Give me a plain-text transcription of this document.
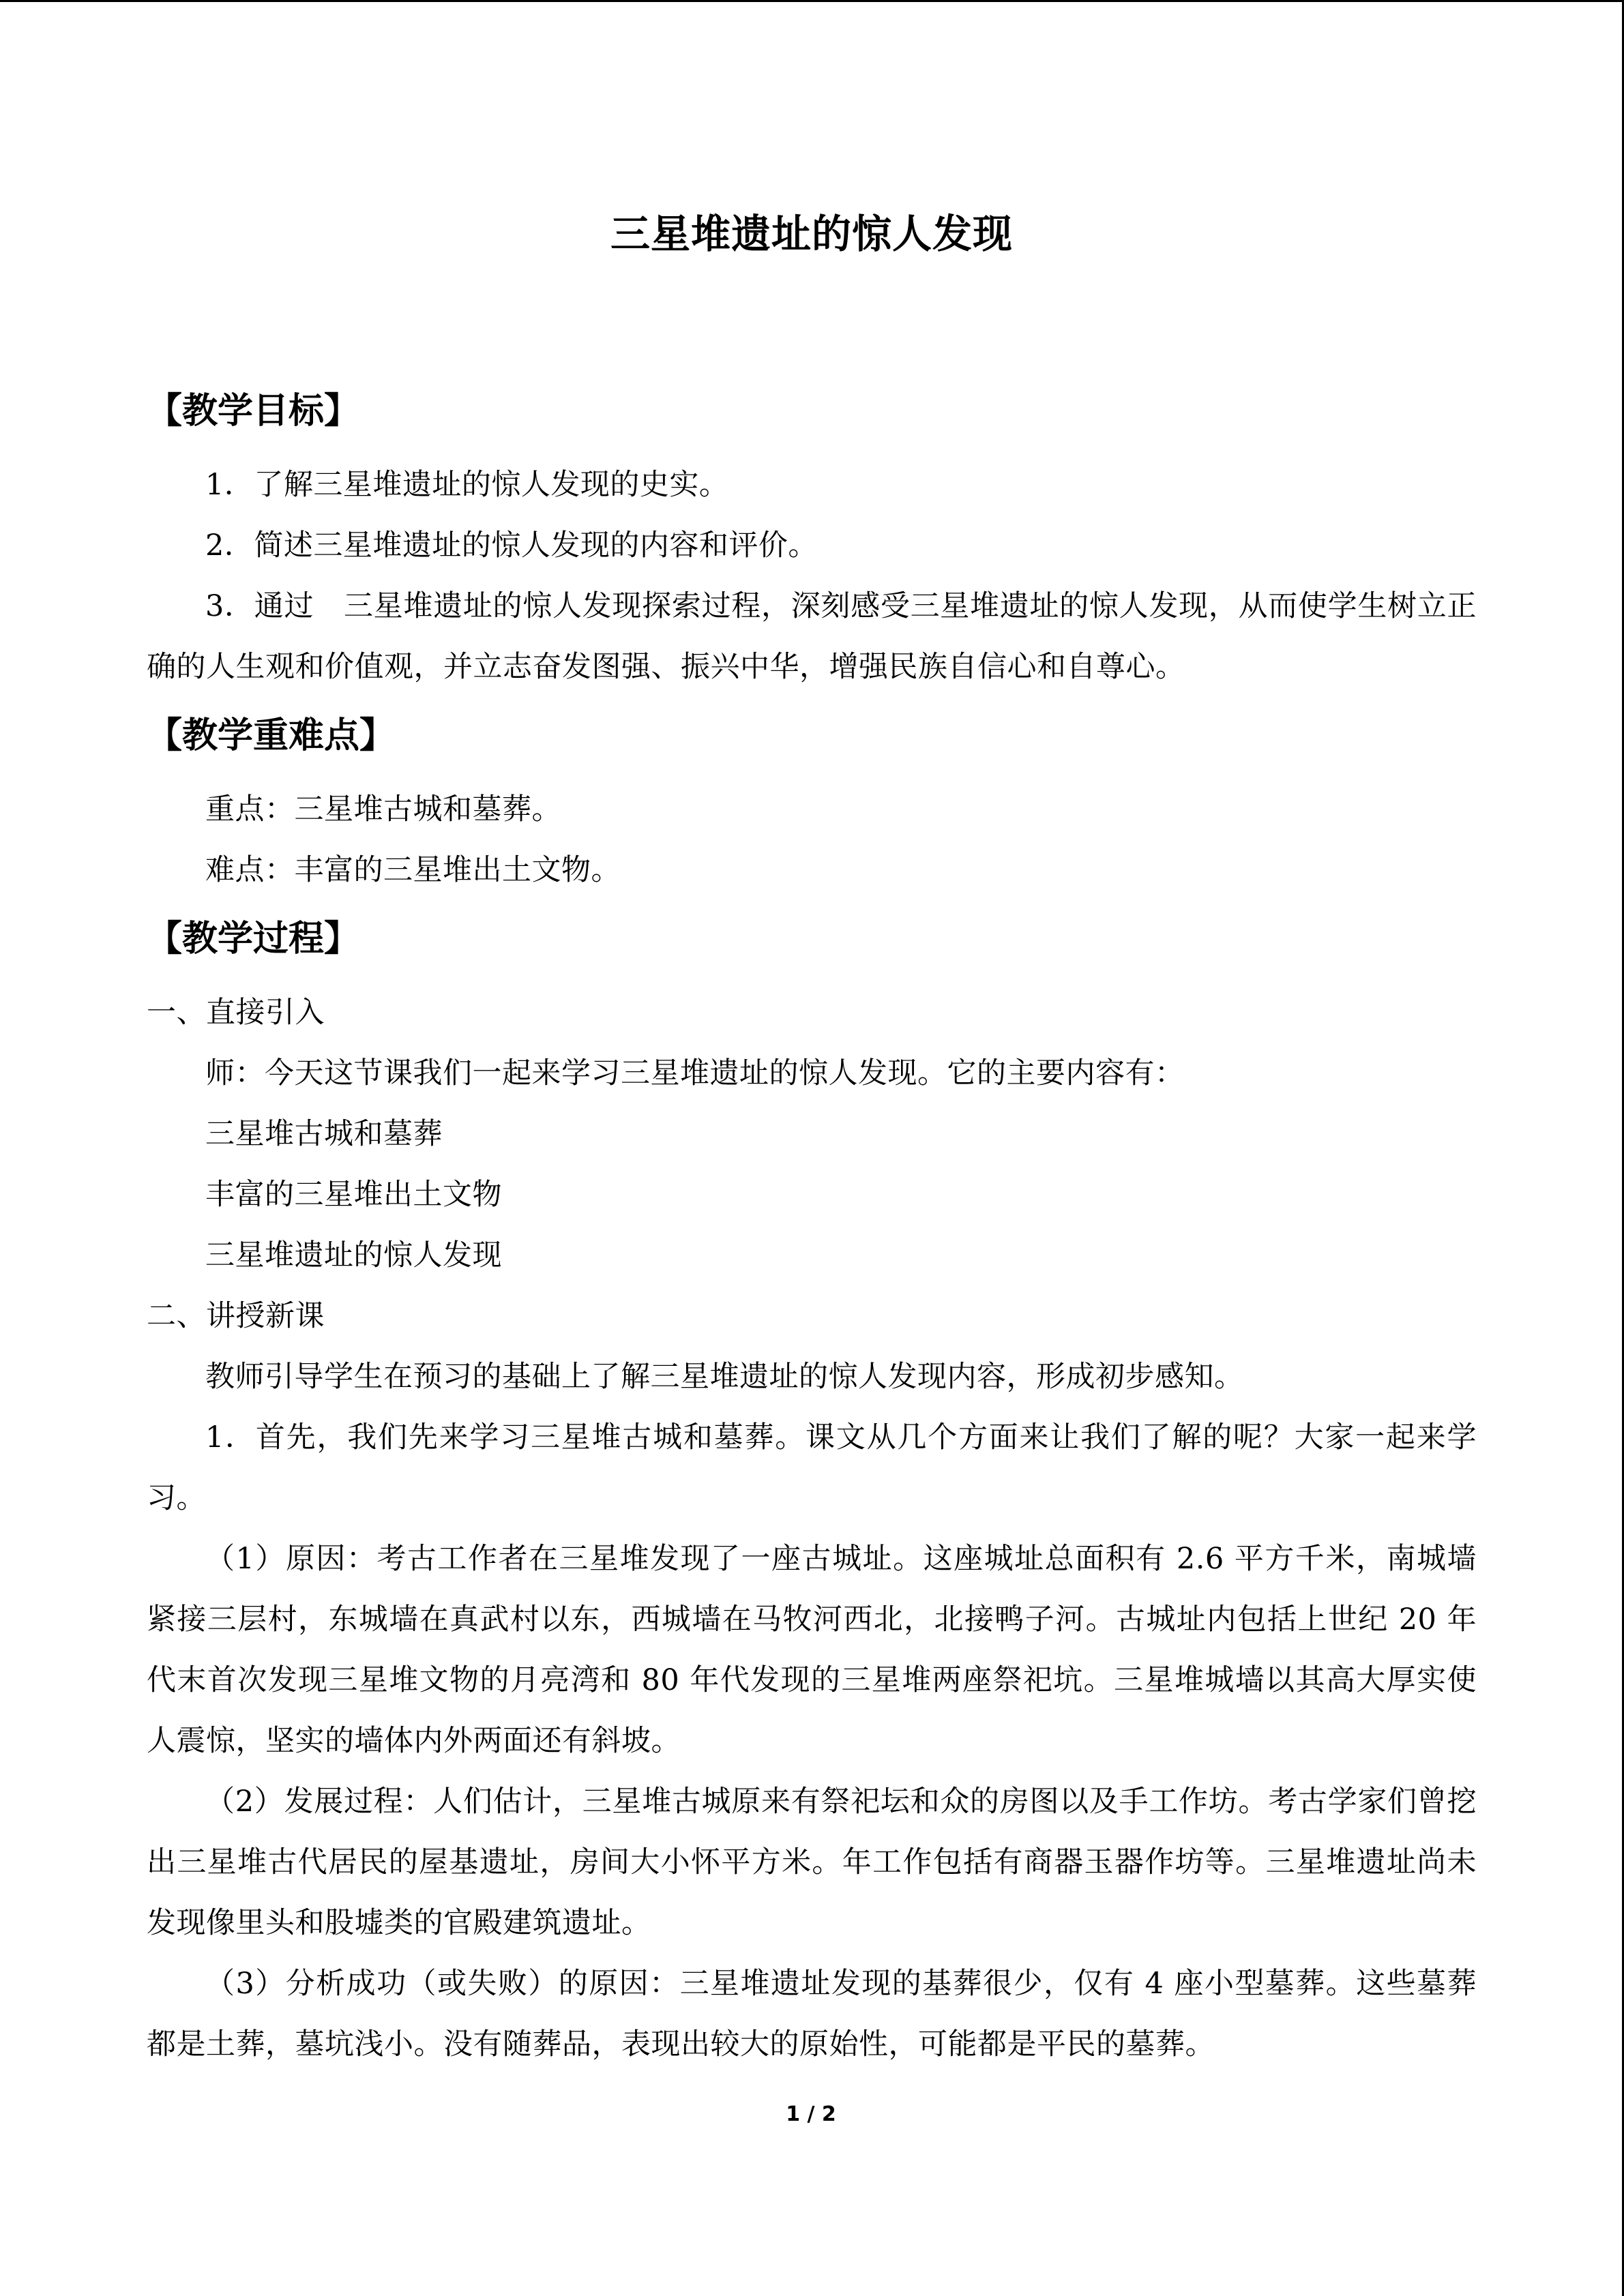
三星堆遗址的惊人发现
【教学目标】

1．了解三星堆遗址的惊人发现的史实。

2．简述三星堆遗址的惊人发现的内容和评价。

3．通过　三星堆遗址的惊人发现探索过程，深刻感受三星堆遗址的惊人发现，从而使学生树立正确的人生观和价值观，并立志奋发图强、振兴中华，增强民族自信心和自尊心。

【教学重难点】

重点：三星堆古城和墓葬。

难点：丰富的三星堆出土文物。

【教学过程】

一、直接引入

师：今天这节课我们一起来学习三星堆遗址的惊人发现。它的主要内容有：

三星堆古城和墓葬

丰富的三星堆出土文物

三星堆遗址的惊人发现

二、讲授新课

教师引导学生在预习的基础上了解三星堆遗址的惊人发现内容，形成初步感知。

1．首先，我们先来学习三星堆古城和墓葬。课文从几个方面来让我们了解的呢？大家一起来学习。

（1）原因：考古工作者在三星堆发现了一座古城址。这座城址总面积有 2.6 平方千米，南城墙紧接三层村，东城墙在真武村以东，西城墙在马牧河西北，北接鸭子河。古城址内包括上世纪 20 年代末首次发现三星堆文物的月亮湾和 80 年代发现的三星堆两座祭祀坑。三星堆城墙以其高大厚实使人震惊，坚实的墙体内外两面还有斜坡。

（2）发展过程：人们估计，三星堆古城原来有祭祀坛和众的房图以及手工作坊。考古学家们曾挖出三星堆古代居民的屋基遗址，房间大小怀平方米。年工作包括有商器玉器作坊等。三星堆遗址尚未发现像里头和股墟类的官殿建筑遗址。

（3）分析成功（或失败）的原因：三星堆遗址发现的基葬很少，仅有 4 座小型墓葬。这些墓葬都是土葬，墓坑浅小。没有随葬品，表现出较大的原始性，可能都是平民的墓葬。

1 / 2
